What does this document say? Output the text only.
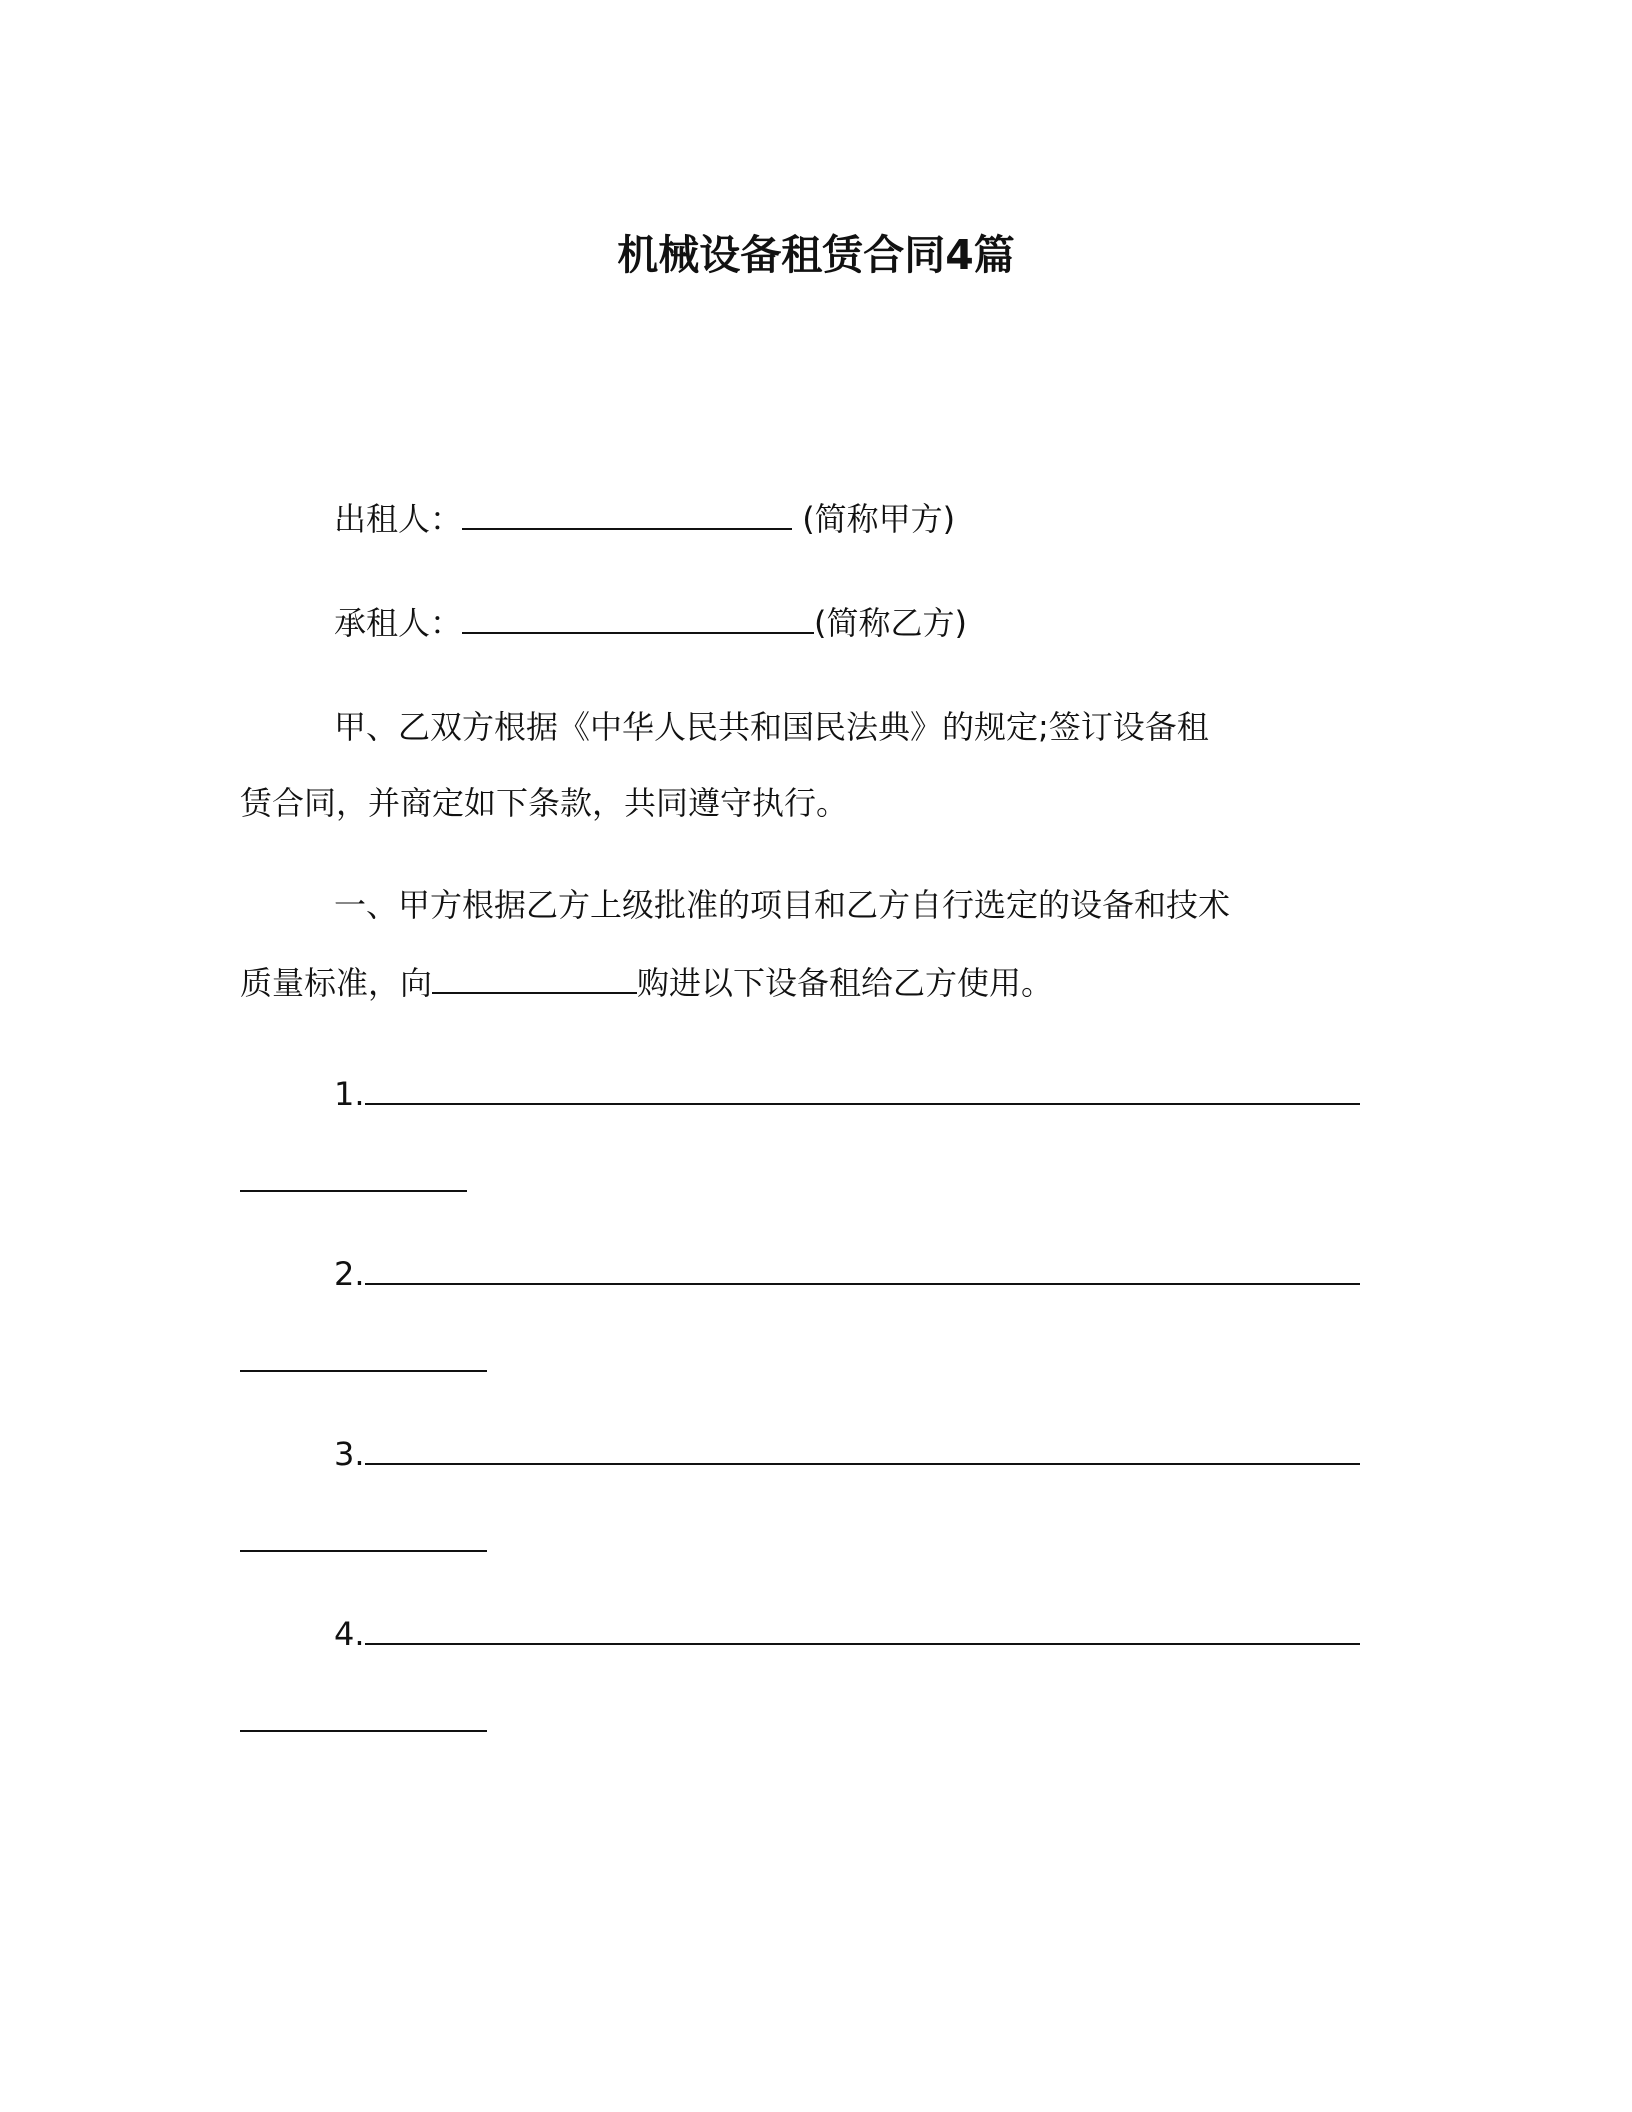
机械设备租赁合同4篇
出租人：	(简称甲方)
承租人：	(简称乙方)
甲、乙双方根据《中华人民共和国民法典》的规定;签订设备租
赁合同，并商定如下条款，共同遵守执行。
一、甲方根据乙方上级批准的项目和乙方自行选定的设备和技术
质量标准，向	购进以下设备租给乙方使用。
1.
2.
3.
4.
